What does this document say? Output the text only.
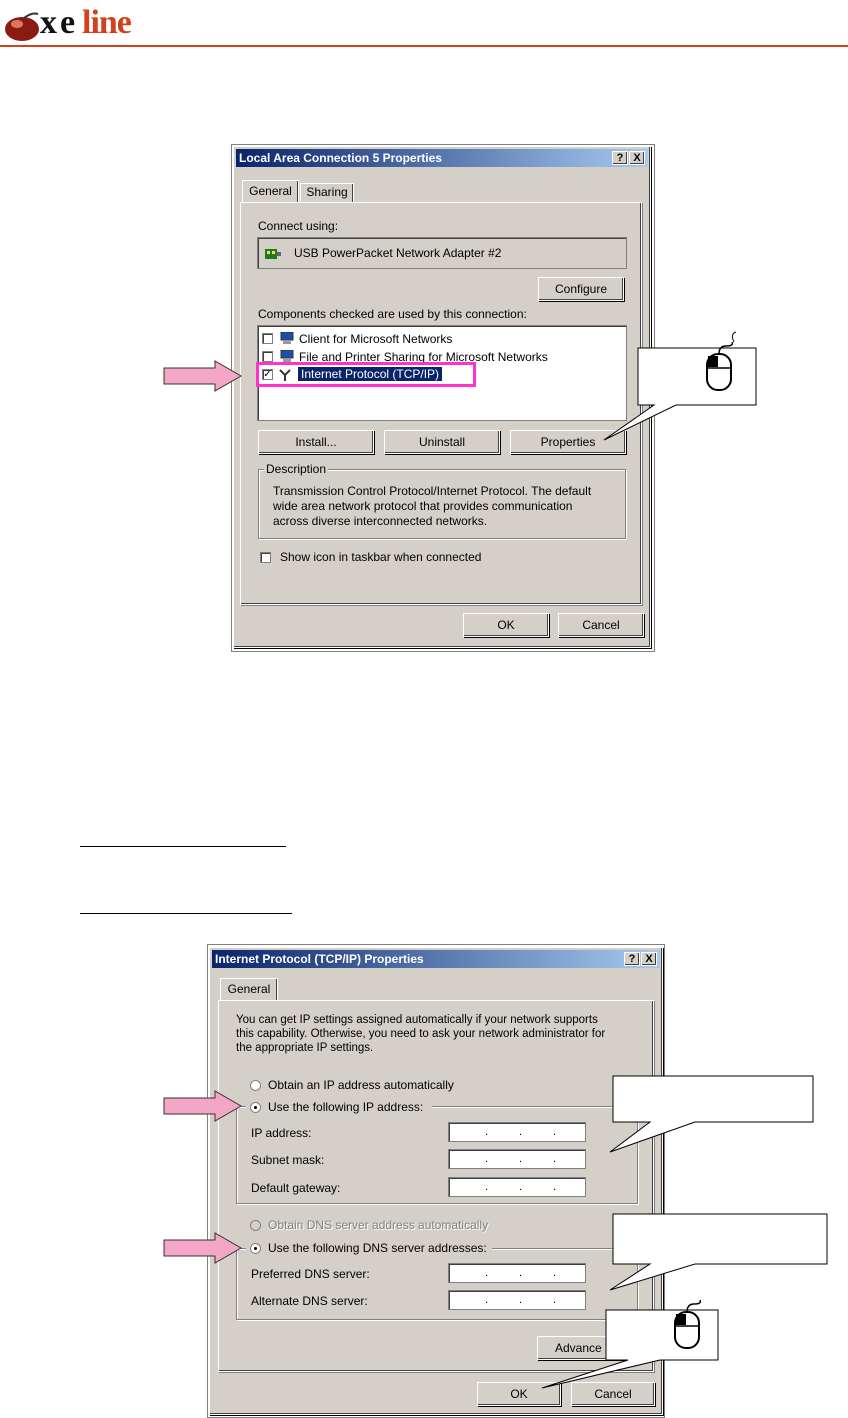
x e line
Local Area Connection 5 Properties	? X
General	Sharing
Connect using:
USB PowerPacket Network Adapter #2
Configure
Components checked are used by this connection:
Client for Microsoft Networks
File and Printer Sharing for Microsoft Networks
✓ Internet Protocol (TCP/IP)
Install...	Uninstall	Properties
Description
Transmission Control Protocol/Internet Protocol. The default
wide area network protocol that provides communication
across diverse interconnected networks.
Show icon in taskbar when connected
OK	Cancel
Internet Protocol (TCP/IP) Properties	? X
General
You can get IP settings assigned automatically if your network supports
this capability. Otherwise, you need to ask your network administrator for
the appropriate IP settings.
Obtain an IP address automatically
Use the following IP address:
IP address:	.	.	.
Subnet mask:	.	.	.
Default gateway:	.	.	.
Obtain DNS server address automatically
Use the following DNS server addresses:
Preferred DNS server:	.	.	.
Alternate DNS server:	.	.	.
Advance
OK	Cancel
